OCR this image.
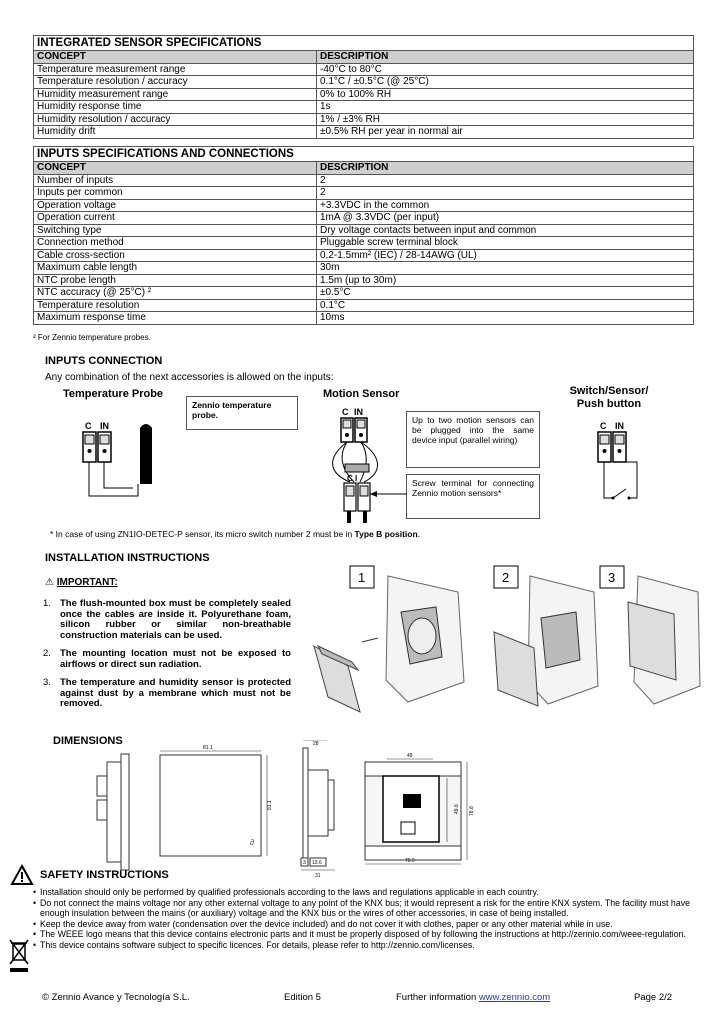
INTEGRATED SENSOR SPECIFICATIONS	
CONCEPT	DESCRIPTION
Temperature measurement range	-40°C to 80°C
Temperature resolution / accuracy	0.1°C / ±0.5°C (@ 25°C)
Humidity measurement range	0% to 100% RH
Humidity response time	1s
Humidity resolution / accuracy	1% / ±3% RH
Humidity drift	±0.5% RH per year in normal air
INPUTS SPECIFICATIONS AND CONNECTIONS	
CONCEPT	DESCRIPTION
Number of inputs	2
Inputs per common	2
Operation voltage	+3.3VDC in the common
Operation current	1mA @ 3.3VDC (per input)
Switching type	Dry voltage contacts between input and common
Connection method	Pluggable screw terminal block
Cable cross-section	0.2-1.5mm² (IEC) / 28-14AWG (UL)
Maximum cable length	30m
NTC probe length	1.5m (up to 30m)
NTC accuracy (@ 25°C) ²	±0.5°C
Temperature resolution	0.1°C
Maximum response time	10ms
² For Zennio temperature probes.
INPUTS CONNECTION
Any combination of the next accessories is allowed on the inputs:
Temperature Probe
Zennio temperature probe.
Motion Sensor
Up to two motion sensors can be plugged into the same device input (parallel wiring)
Screw terminal for connecting Zennio motion sensors*
Switch/Sensor/
Push button
C IN
C IN
C I
C IN
* In case of using ZN1IO-DETEC-P sensor, its micro switch number 2 must be in Type B position.
INSTALLATION INSTRUCTIONS
⚠ IMPORTANT:
1. The flush-mounted box must be completely sealed once the cables are inside it. Polyurethane foam, silicon rubber or similar non-breathable construction materials can be used.
2. The mounting location must not be exposed to airflows or direct sun radiation.
3. The temperature and humidity sensor is protected against dust by a membrane which must not be removed.
1	2	3
DIMENSIONS
81.1
∂
81.1
28
3 13.6
31
49
49.6 78.8
76.5
SAFETY INSTRUCTIONS
• Installation should only be performed by qualified professionals according to the laws and regulations applicable in each country.
• Do not connect the mains voltage nor any other external voltage to any point of the KNX bus; it would represent a risk for the entire KNX system. The facility must have enough insulation between the mains (or auxiliary) voltage and the KNX bus or the wires of other accessories, in case of being installed.
• Keep the device away from water (condensation over the device included) and do not cover it with clothes, paper or any other material while in use.
• The WEEE logo means that this device contains electronic parts and it must be properly disposed of by following the instructions at http://zennio.com/weee-regulation.
• This device contains software subject to specific licences. For details, please refer to http://zennio.com/licenses.
© Zennio Avance y Tecnología S.L.	Edition 5	Further information www.zennio.com	Page 2/2
